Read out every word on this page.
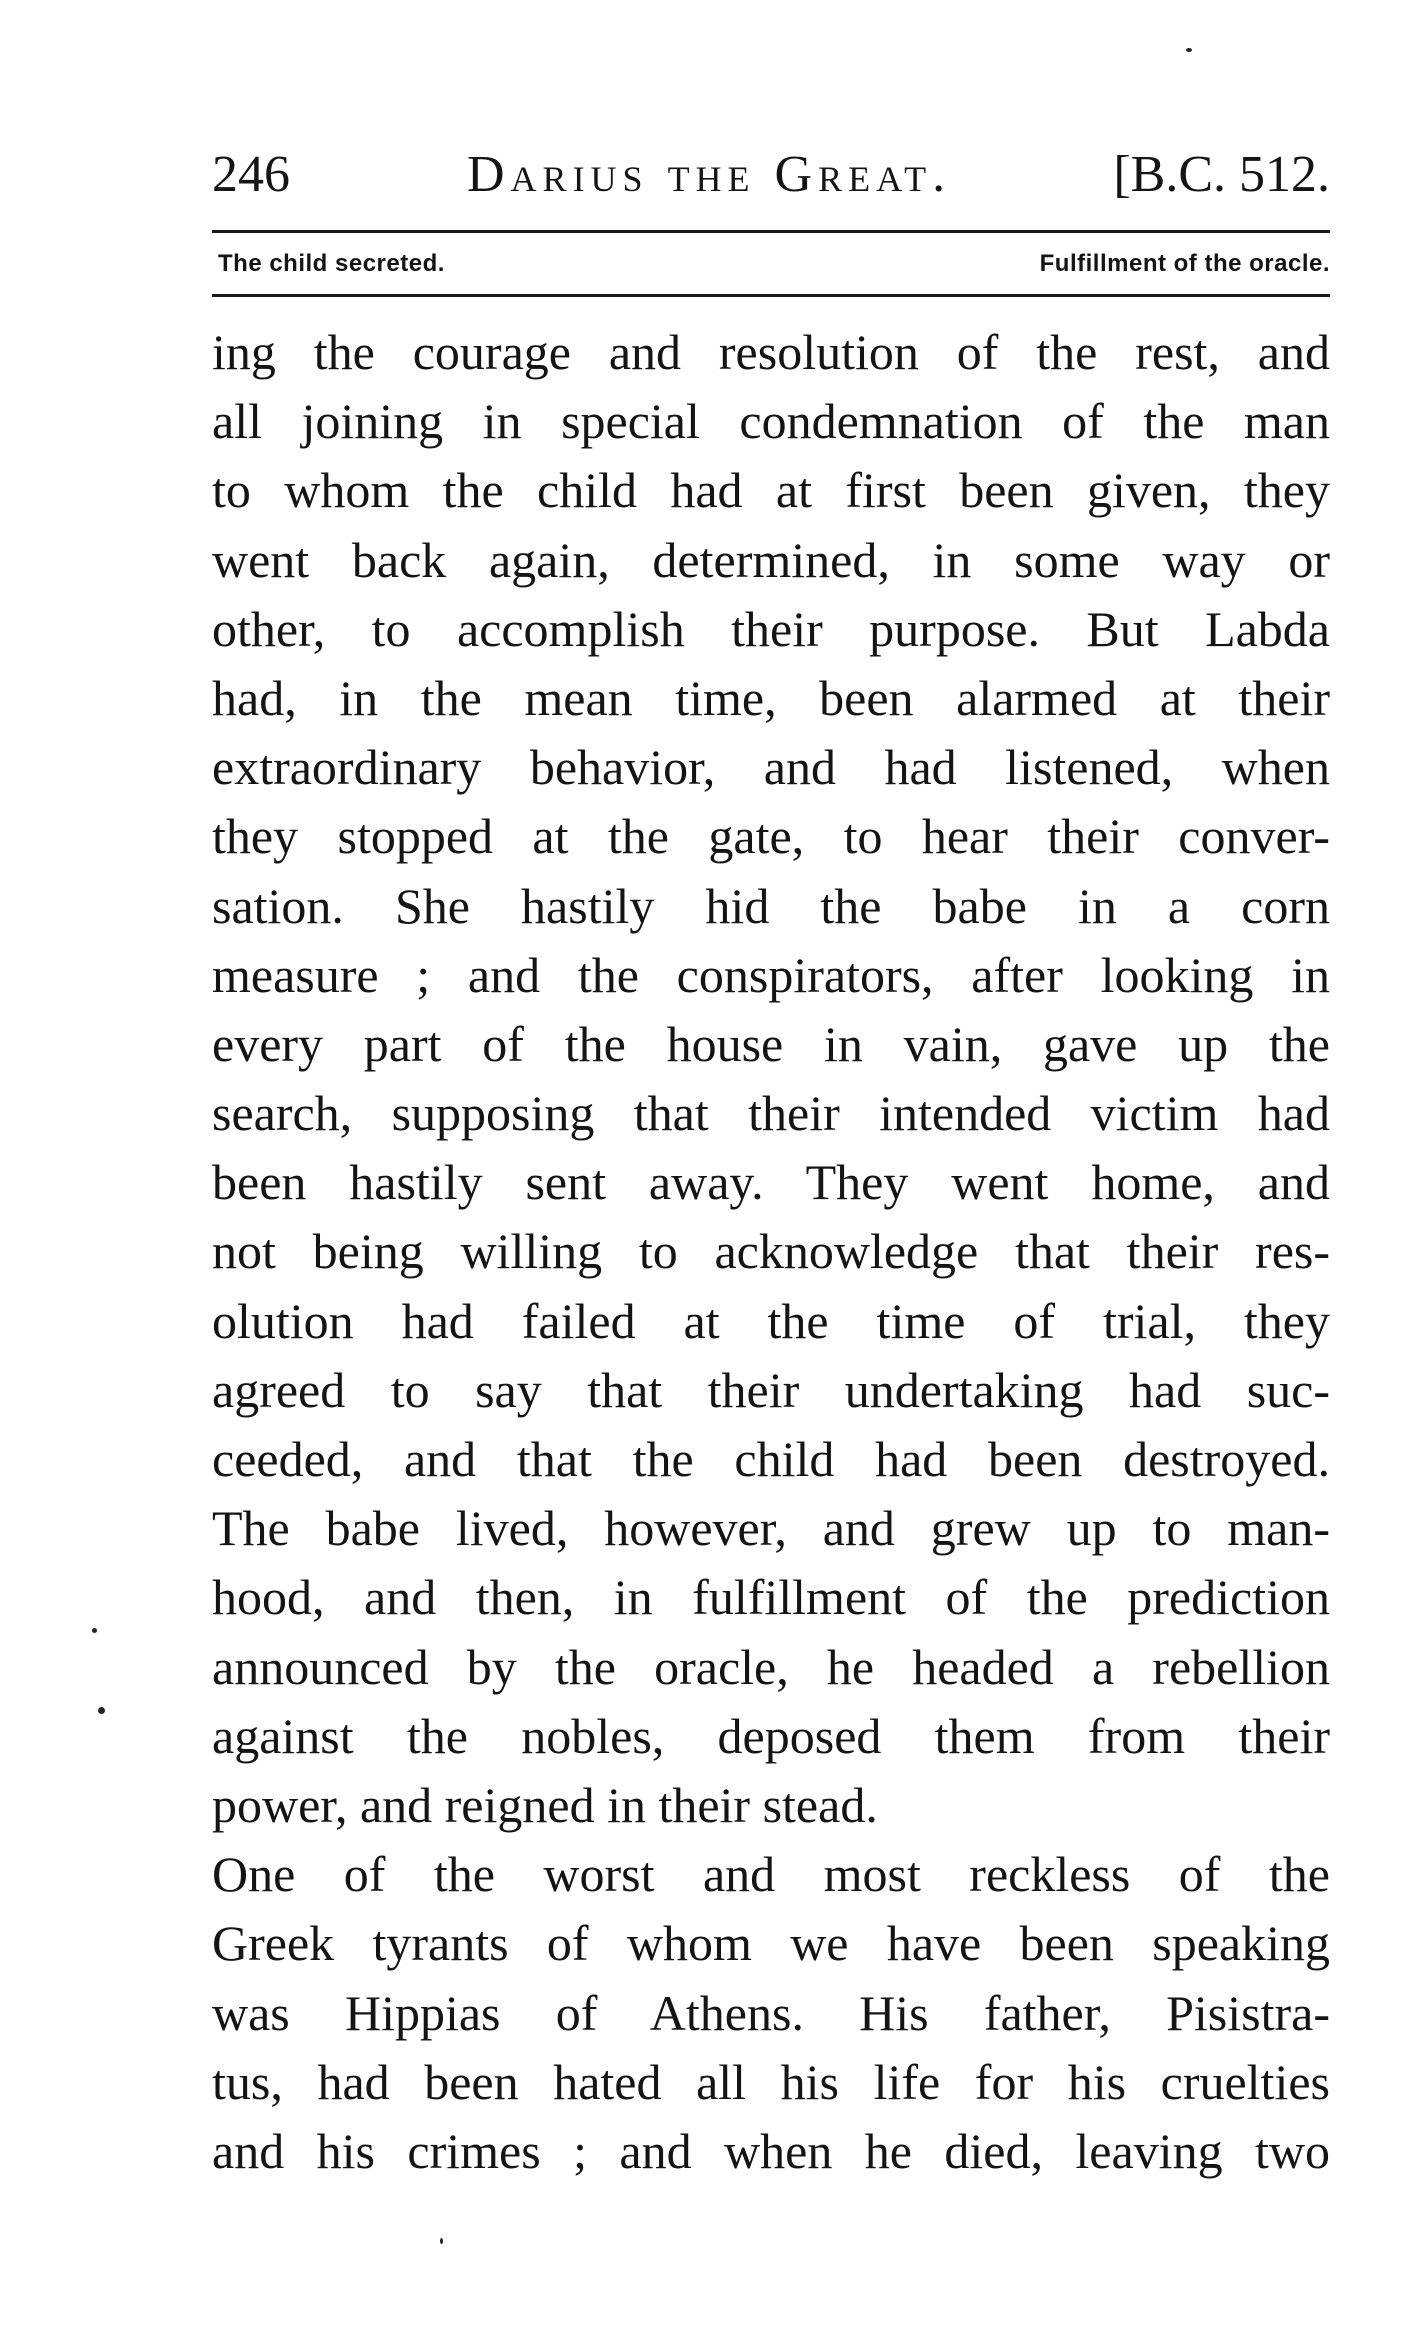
246	Darius the Great.	[B.C. 512.
The child secreted.	Fulfillment of the oracle.
ing the courage and resolution of the rest, and
all joining in special condemnation of the man
to whom the child had at first been given, they
went back again, determined, in some way or
other, to accomplish their purpose. But Labda
had, in the mean time, been alarmed at their
extraordinary behavior, and had listened, when
they stopped at the gate, to hear their conver-
sation. She hastily hid the babe in a corn
measure ; and the conspirators, after looking in
every part of the house in vain, gave up the
search, supposing that their intended victim had
been hastily sent away. They went home, and
not being willing to acknowledge that their res-
olution had failed at the time of trial, they
agreed to say that their undertaking had suc-
ceeded, and that the child had been destroyed.
The babe lived, however, and grew up to man-
hood, and then, in fulfillment of the prediction
announced by the oracle, he headed a rebellion
against the nobles, deposed them from their
power, and reigned in their stead.
One of the worst and most reckless of the
Greek tyrants of whom we have been speaking
was Hippias of Athens. His father, Pisistra-
tus, had been hated all his life for his cruelties
and his crimes ; and when he died, leaving two
